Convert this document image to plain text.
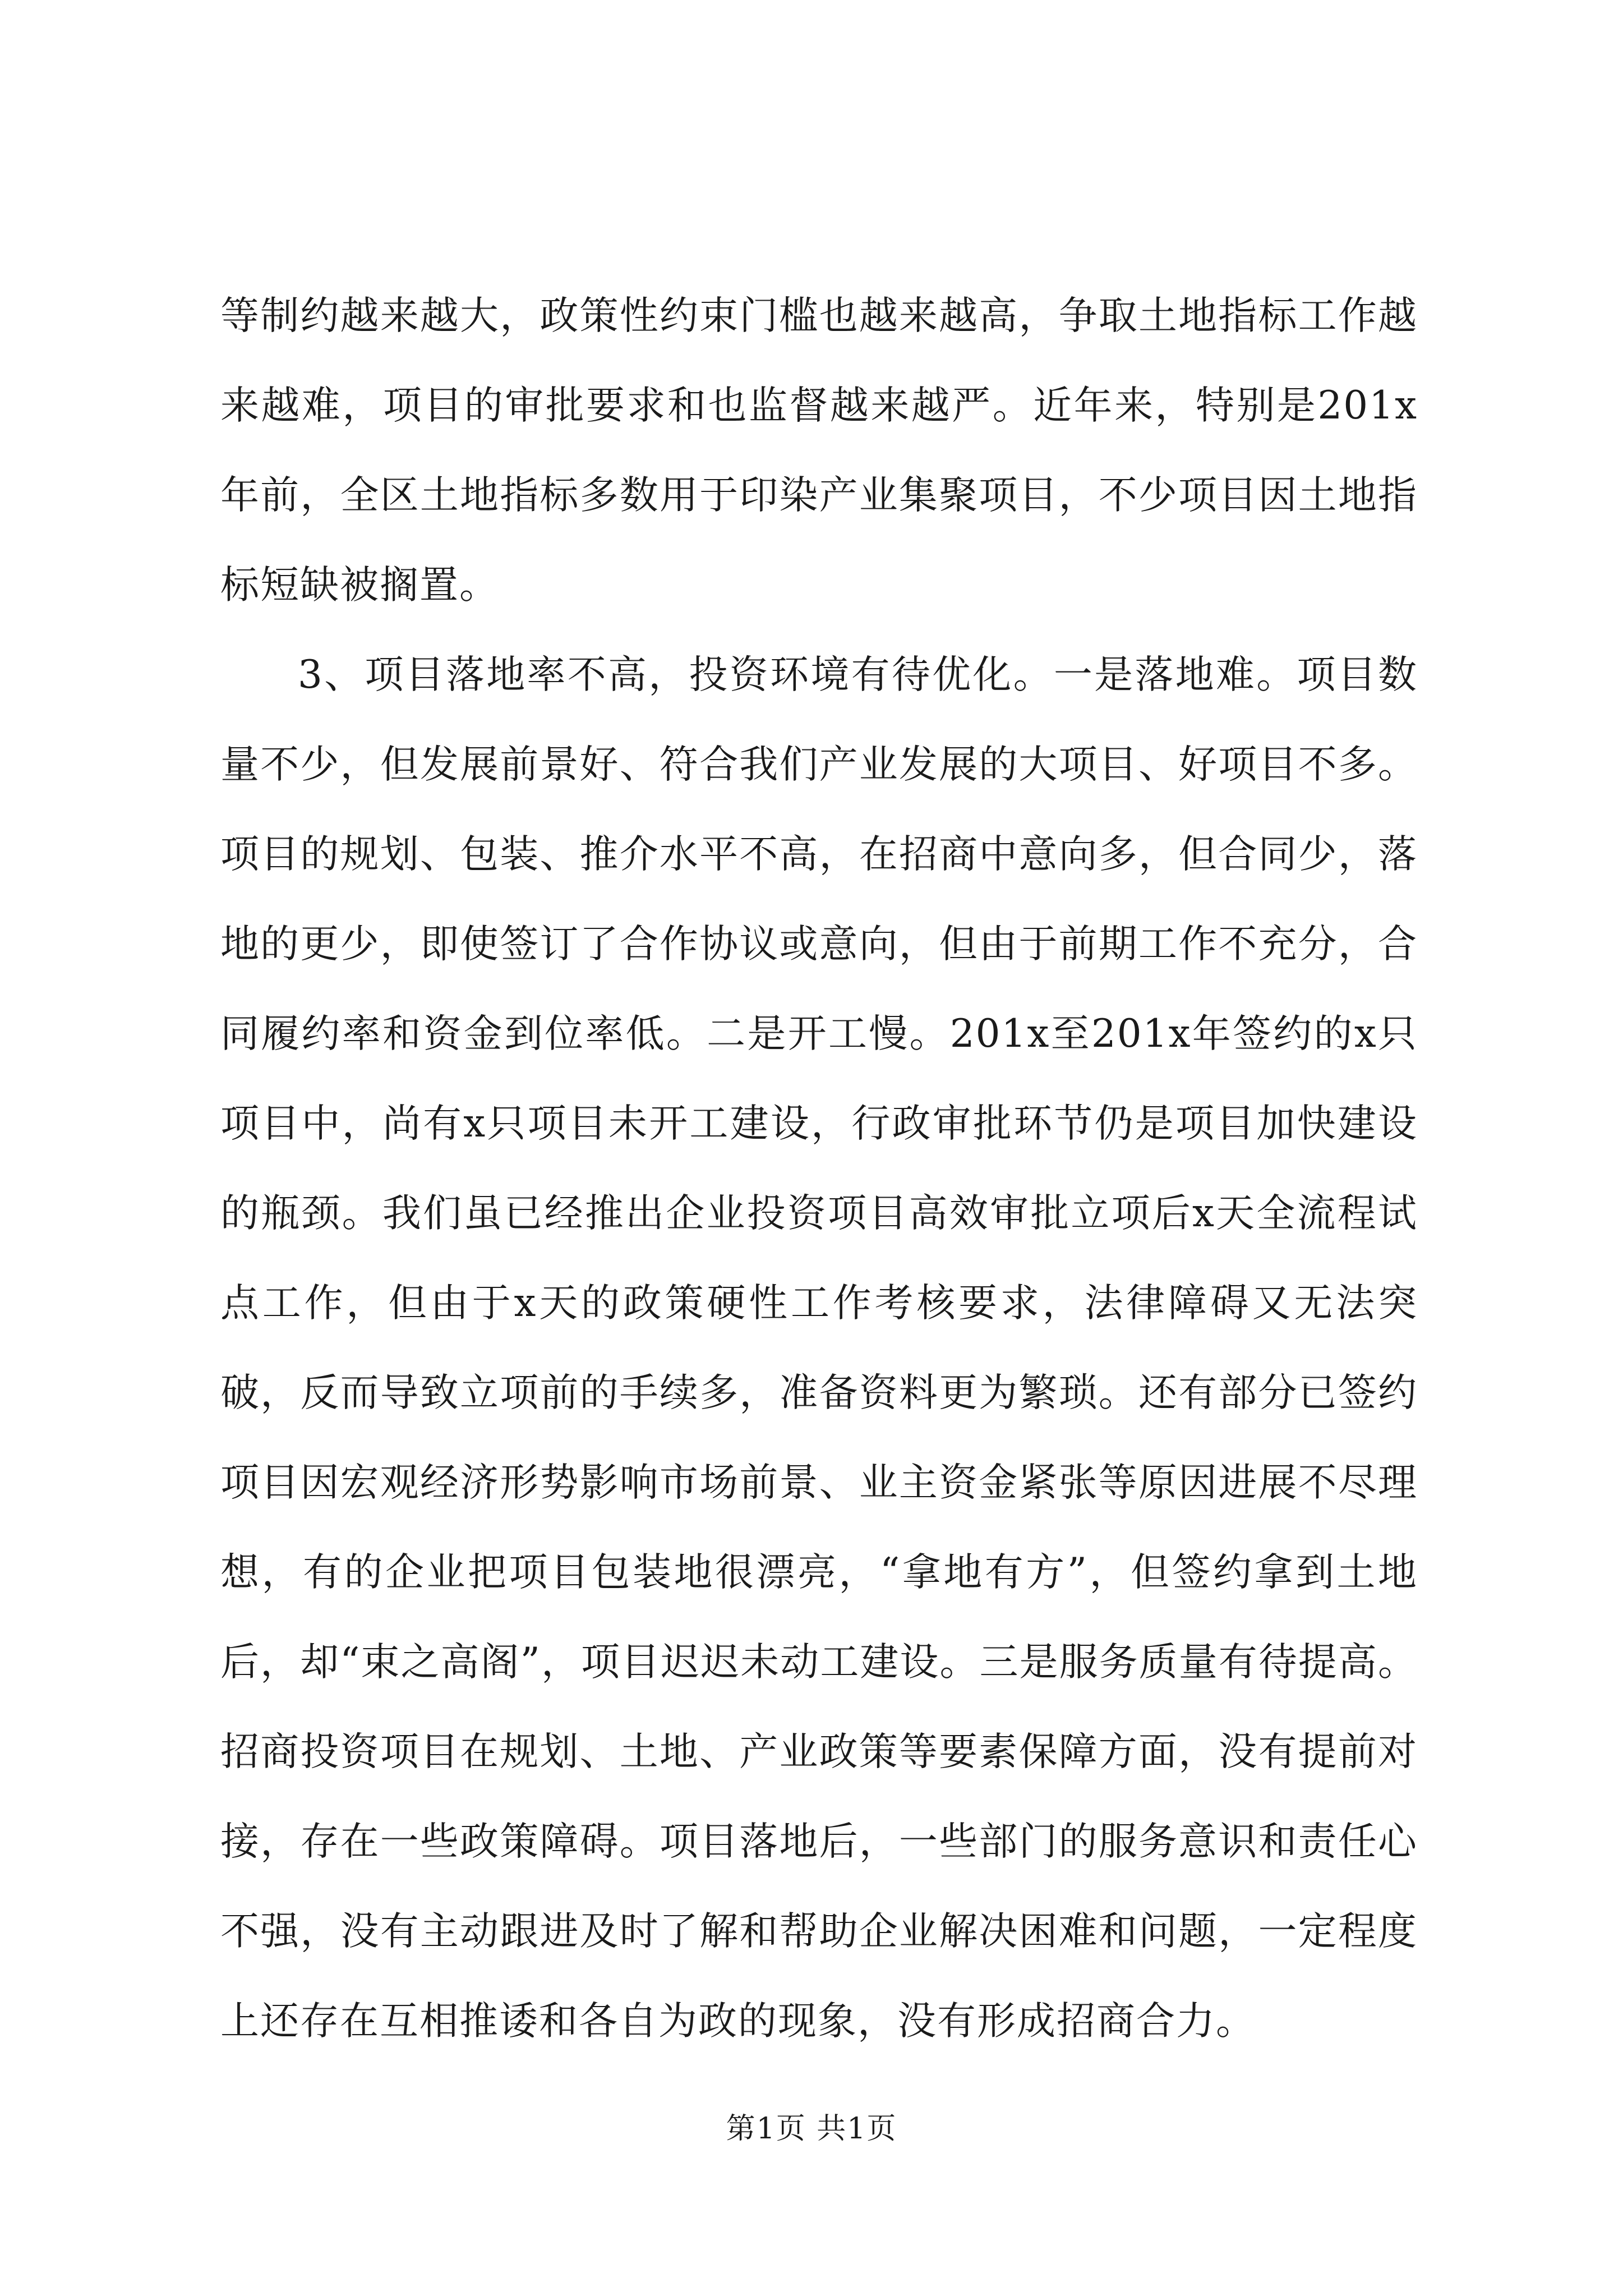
等制约越来越大，政策性约束门槛也越来越高，争取土地指标工作越来越难，项目的审批要求和也监督越来越严。近年来，特别是201x年前，全区土地指标多数用于印染产业集聚项目，不少项目因土地指标短缺被搁置。

3、项目落地率不高，投资环境有待优化。一是落地难。项目数量不少，但发展前景好、符合我们产业发展的大项目、好项目不多。项目的规划、包装、推介水平不高，在招商中意向多，但合同少，落地的更少，即使签订了合作协议或意向，但由于前期工作不充分，合同履约率和资金到位率低。二是开工慢。201x至201x年签约的x只项目中，尚有x只项目未开工建设，行政审批环节仍是项目加快建设的瓶颈。我们虽已经推出企业投资项目高效审批立项后x天全流程试点工作，但由于x天的政策硬性工作考核要求，法律障碍又无法突破，反而导致立项前的手续多，准备资料更为繁琐。还有部分已签约项目因宏观经济形势影响市场前景、业主资金紧张等原因进展不尽理想，有的企业把项目包装地很漂亮，“拿地有方”，但签约拿到土地后，却“束之高阁”，项目迟迟未动工建设。三是服务质量有待提高。招商投资项目在规划、土地、产业政策等要素保障方面，没有提前对接，存在一些政策障碍。项目落地后，一些部门的服务意识和责任心不强，没有主动跟进及时了解和帮助企业解决困难和问题，一定程度上还存在互相推诿和各自为政的现象，没有形成招商合力。

第1页 共1页
